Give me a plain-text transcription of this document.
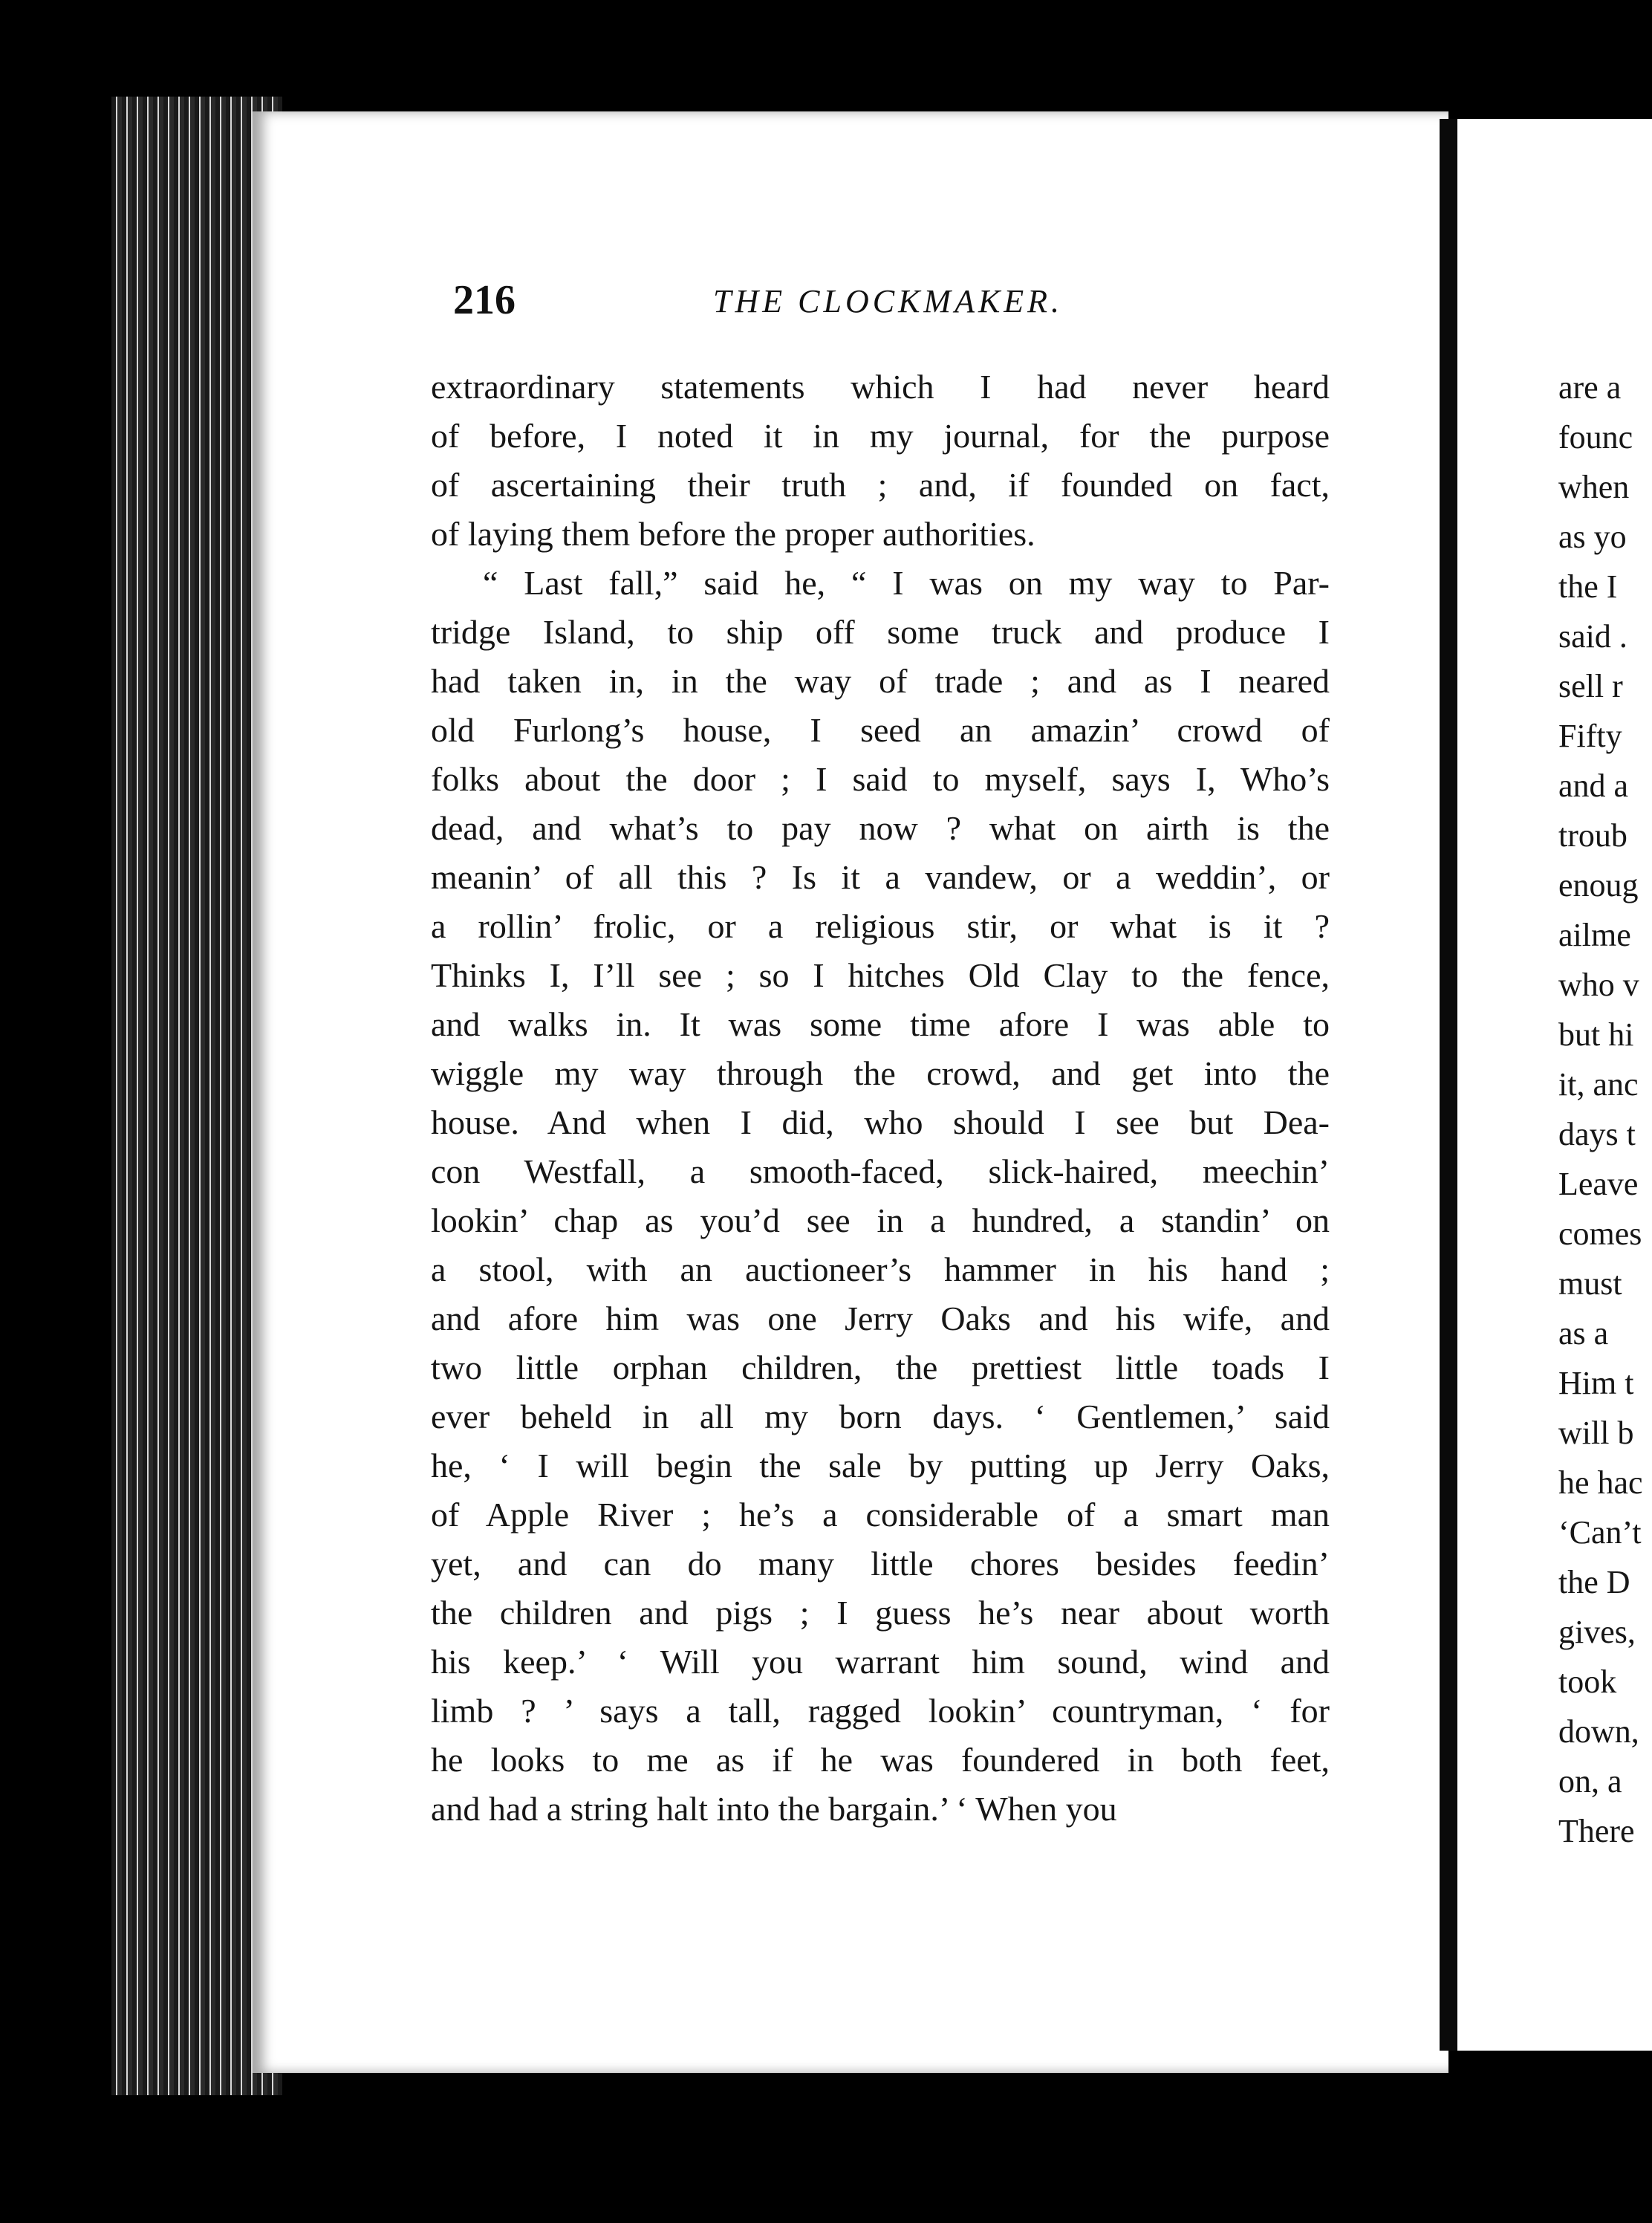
216	THE CLOCKMAKER.
extraordinary statements which I had never heard
of before, I noted it in my journal, for the purpose
of ascertaining their truth ; and, if founded on fact,
of laying them before the proper authorities.
“ Last fall,” said he, “ I was on my way to Par-
tridge Island, to ship off some truck and produce I
had taken in, in the way of trade ; and as I neared
old Furlong’s house, I seed an amazin’ crowd of
folks about the door ; I said to myself, says I, Who’s
dead, and what’s to pay now ? what on airth is the
meanin’ of all this ? Is it a vandew, or a weddin’, or
a rollin’ frolic, or a religious stir, or what is it ?
Thinks I, I’ll see ; so I hitches Old Clay to the fence,
and walks in. It was some time afore I was able to
wiggle my way through the crowd, and get into the
house. And when I did, who should I see but Dea-
con Westfall, a smooth-faced, slick-haired, meechin’
lookin’ chap as you’d see in a hundred, a standin’ on
a stool, with an auctioneer’s hammer in his hand ;
and afore him was one Jerry Oaks and his wife, and
two little orphan children, the prettiest little toads I
ever beheld in all my born days. ‘ Gentlemen,’ said
he, ‘ I will begin the sale by putting up Jerry Oaks,
of Apple River ; he’s a considerable of a smart man
yet, and can do many little chores besides feedin’
the children and pigs ; I guess he’s near about worth
his keep.’ ‘ Will you warrant him sound, wind and
limb ? ’ says a tall, ragged lookin’ countryman, ‘ for
he looks to me as if he was foundered in both feet,
and had a string halt into the bargain.’ ‘ When you
are a
founc
when
as yo
the I
said .
sell r
Fifty
and a
troub
enoug
ailme
who v
but hi
it, anc
days t
Leave
comes
must
as a
Him t
will b
he hac
‘Can’t
the D
gives,
took
down,
on, a
There
